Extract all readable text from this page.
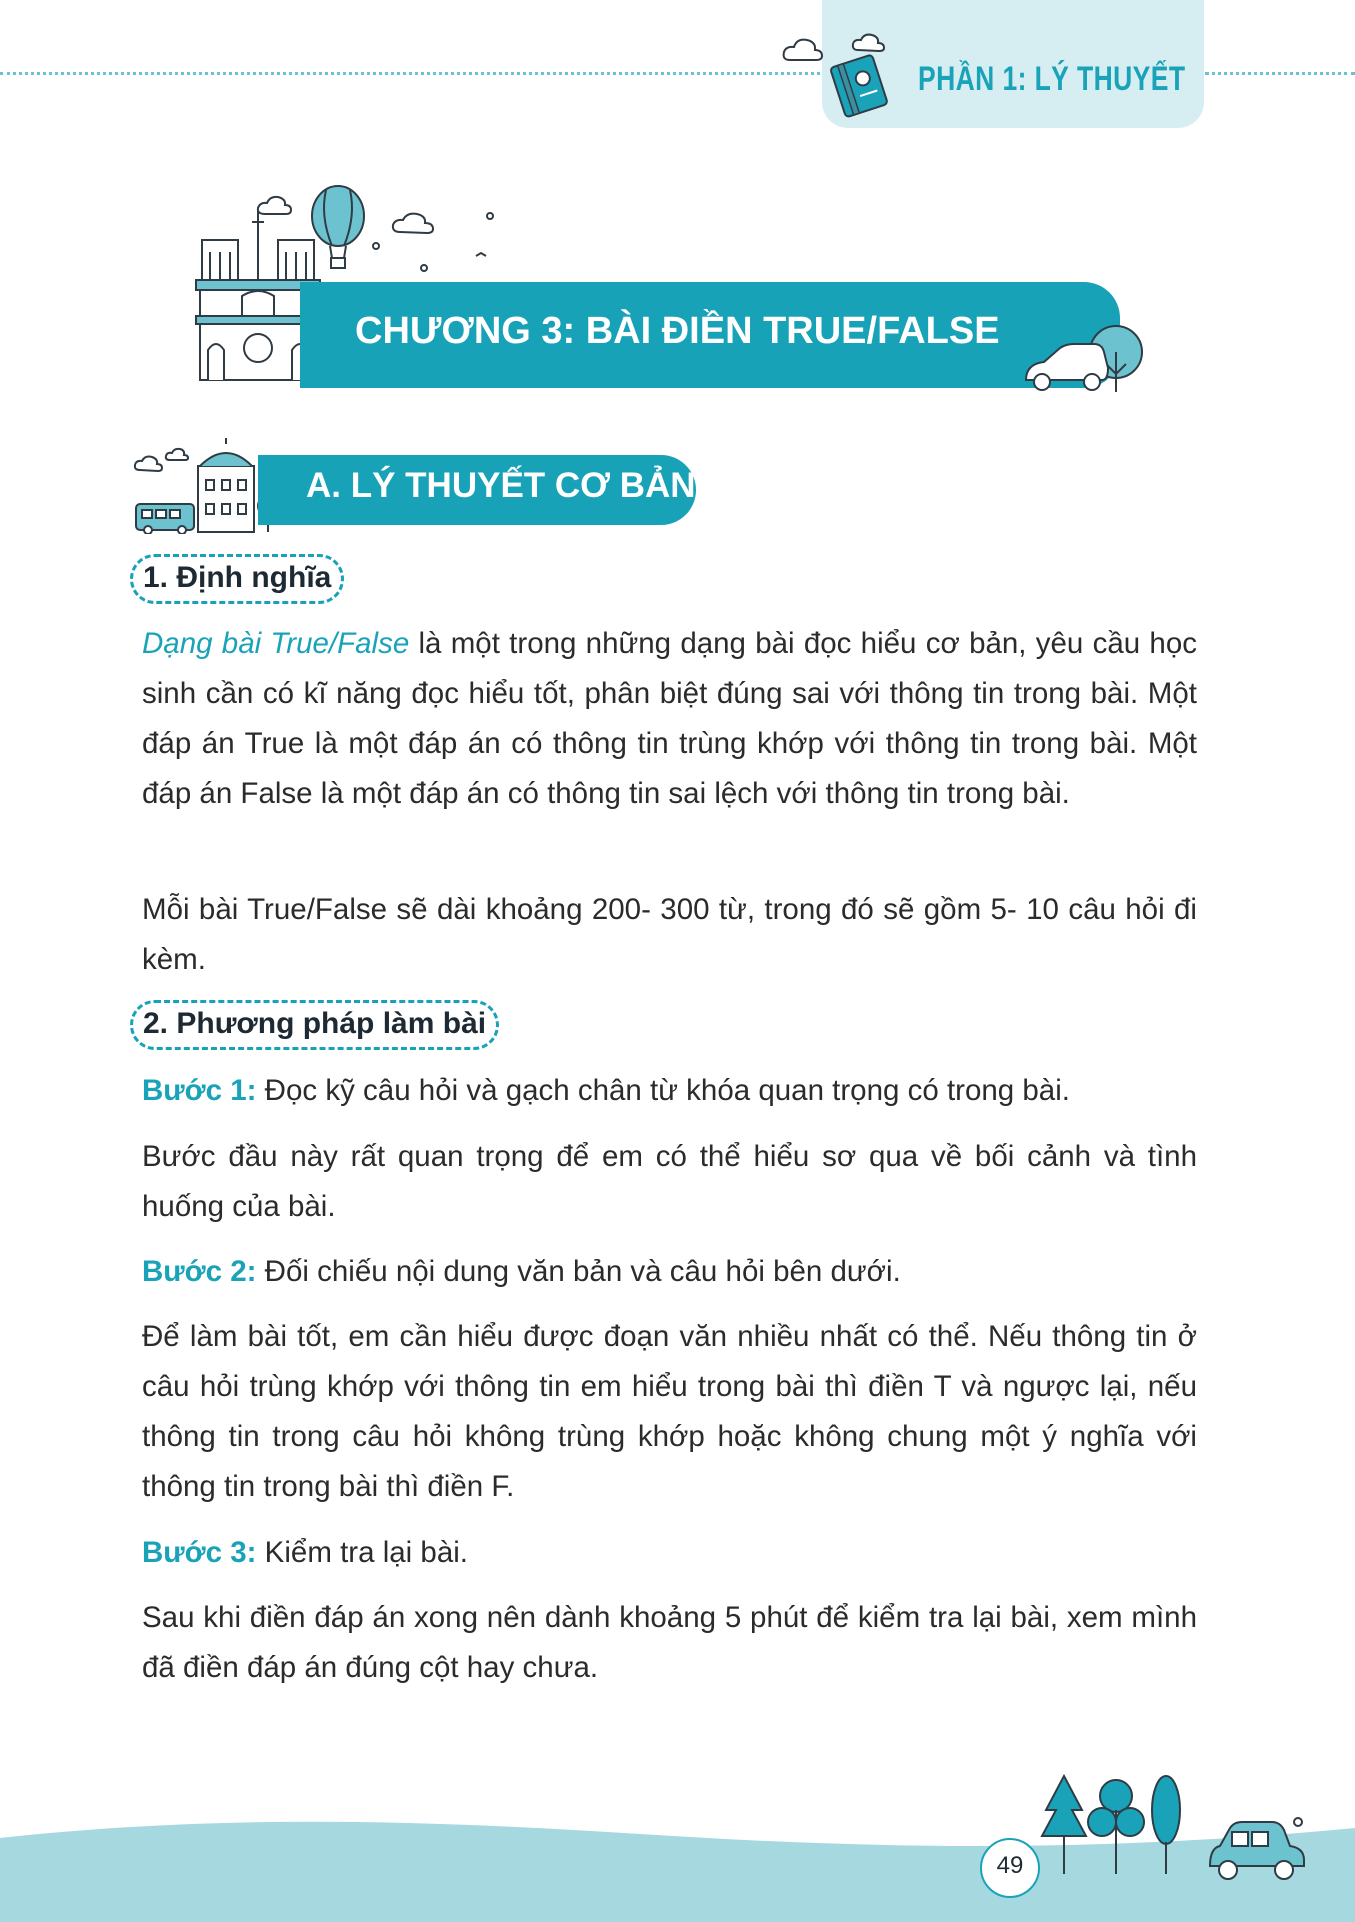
PHẦN 1: LÝ THUYẾT
CHƯƠNG 3: BÀI ĐIỀN TRUE/FALSE
A. LÝ THUYẾT CƠ BẢN
1. Định nghĩa
Dạng bài True/False là một trong những dạng bài đọc hiểu cơ bản, yêu cầu học sinh cần có kĩ năng đọc hiểu tốt, phân biệt đúng sai với thông tin trong bài. Một đáp án True là một đáp án có thông tin trùng khớp với thông tin trong bài. Một đáp án False là một đáp án có thông tin sai lệch với thông tin trong bài.
Mỗi bài True/False sẽ dài khoảng 200- 300 từ, trong đó sẽ gồm 5- 10 câu hỏi đi kèm.
2. Phương pháp làm bài
Bước 1: Đọc kỹ câu hỏi và gạch chân từ khóa quan trọng có trong bài.
Bước đầu này rất quan trọng để em có thể hiểu sơ qua về bối cảnh và tình huống của bài.
Bước 2: Đối chiếu nội dung văn bản và câu hỏi bên dưới.
Để làm bài tốt, em cần hiểu được đoạn văn nhiều nhất có thể. Nếu thông tin ở câu hỏi trùng khớp với thông tin em hiểu trong bài thì điền T và ngược lại, nếu thông tin trong câu hỏi không trùng khớp hoặc không chung một ý nghĩa với thông tin trong bài thì điền F.
Bước 3: Kiểm tra lại bài.
Sau khi điền đáp án xong nên dành khoảng 5 phút để kiểm tra lại bài, xem mình đã điền đáp án đúng cột hay chưa.
49
